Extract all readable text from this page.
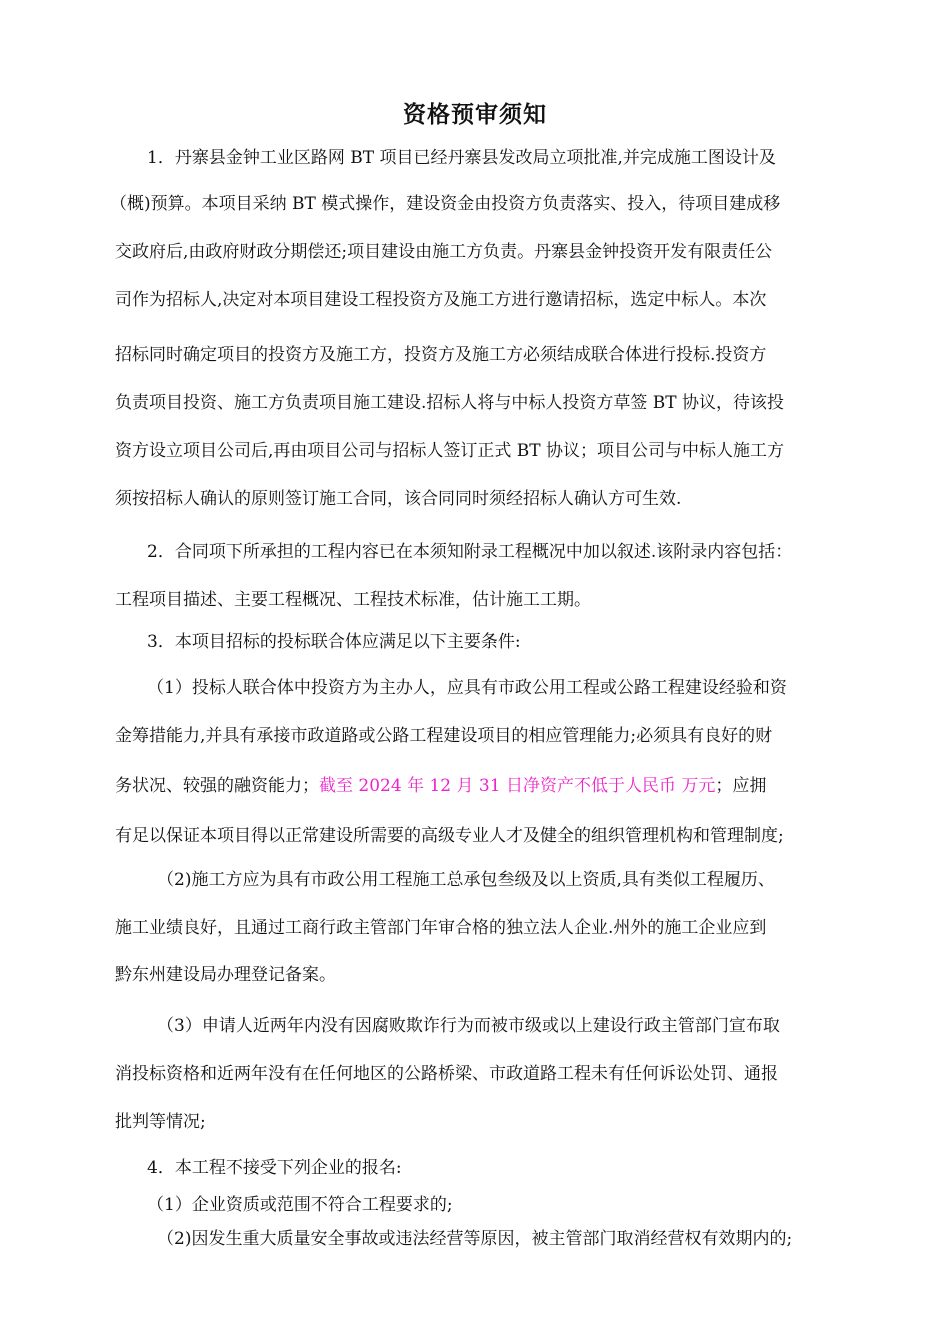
资格预审须知
1．丹寨县金钟工业区路网 BT 项目已经丹寨县发改局立项批准,并完成施工图设计及
（概)预算。本项目采纳 BT 模式操作，建设资金由投资方负责落实、投入，待项目建成移
交政府后,由政府财政分期偿还;项目建设由施工方负责。丹寨县金钟投资开发有限责任公
司作为招标人,决定对本项目建设工程投资方及施工方进行邀请招标，选定中标人。本次
招标同时确定项目的投资方及施工方，投资方及施工方必须结成联合体进行投标.投资方
负责项目投资、施工方负责项目施工建设.招标人将与中标人投资方草签 BT 协议，待该投
资方设立项目公司后,再由项目公司与招标人签订正式 BT 协议；项目公司与中标人施工方
须按招标人确认的原则签订施工合同，该合同同时须经招标人确认方可生效.
2．合同项下所承担的工程内容已在本须知附录工程概况中加以叙述.该附录内容包括：
工程项目描述、主要工程概况、工程技术标准，估计施工工期。
3．本项目招标的投标联合体应满足以下主要条件:
（1）投标人联合体中投资方为主办人，应具有市政公用工程或公路工程建设经验和资
金筹措能力,并具有承接市政道路或公路工程建设项目的相应管理能力;必须具有良好的财
务状况、较强的融资能力；截至 2024 年 12 月 31 日净资产不低于人民币 万元；应拥
有足以保证本项目得以正常建设所需要的高级专业人才及健全的组织管理机构和管理制度;
（2)施工方应为具有市政公用工程施工总承包叁级及以上资质,具有类似工程履历、
施工业绩良好，且通过工商行政主管部门年审合格的独立法人企业.州外的施工企业应到
黔东州建设局办理登记备案。
（3）申请人近两年内没有因腐败欺诈行为而被市级或以上建设行政主管部门宣布取
消投标资格和近两年没有在任何地区的公路桥梁、市政道路工程未有任何诉讼处罚、通报
批判等情况;
4．本工程不接受下列企业的报名:
（1）企业资质或范围不符合工程要求的;
（2)因发生重大质量安全事故或违法经营等原因，被主管部门取消经营权有效期内的;
